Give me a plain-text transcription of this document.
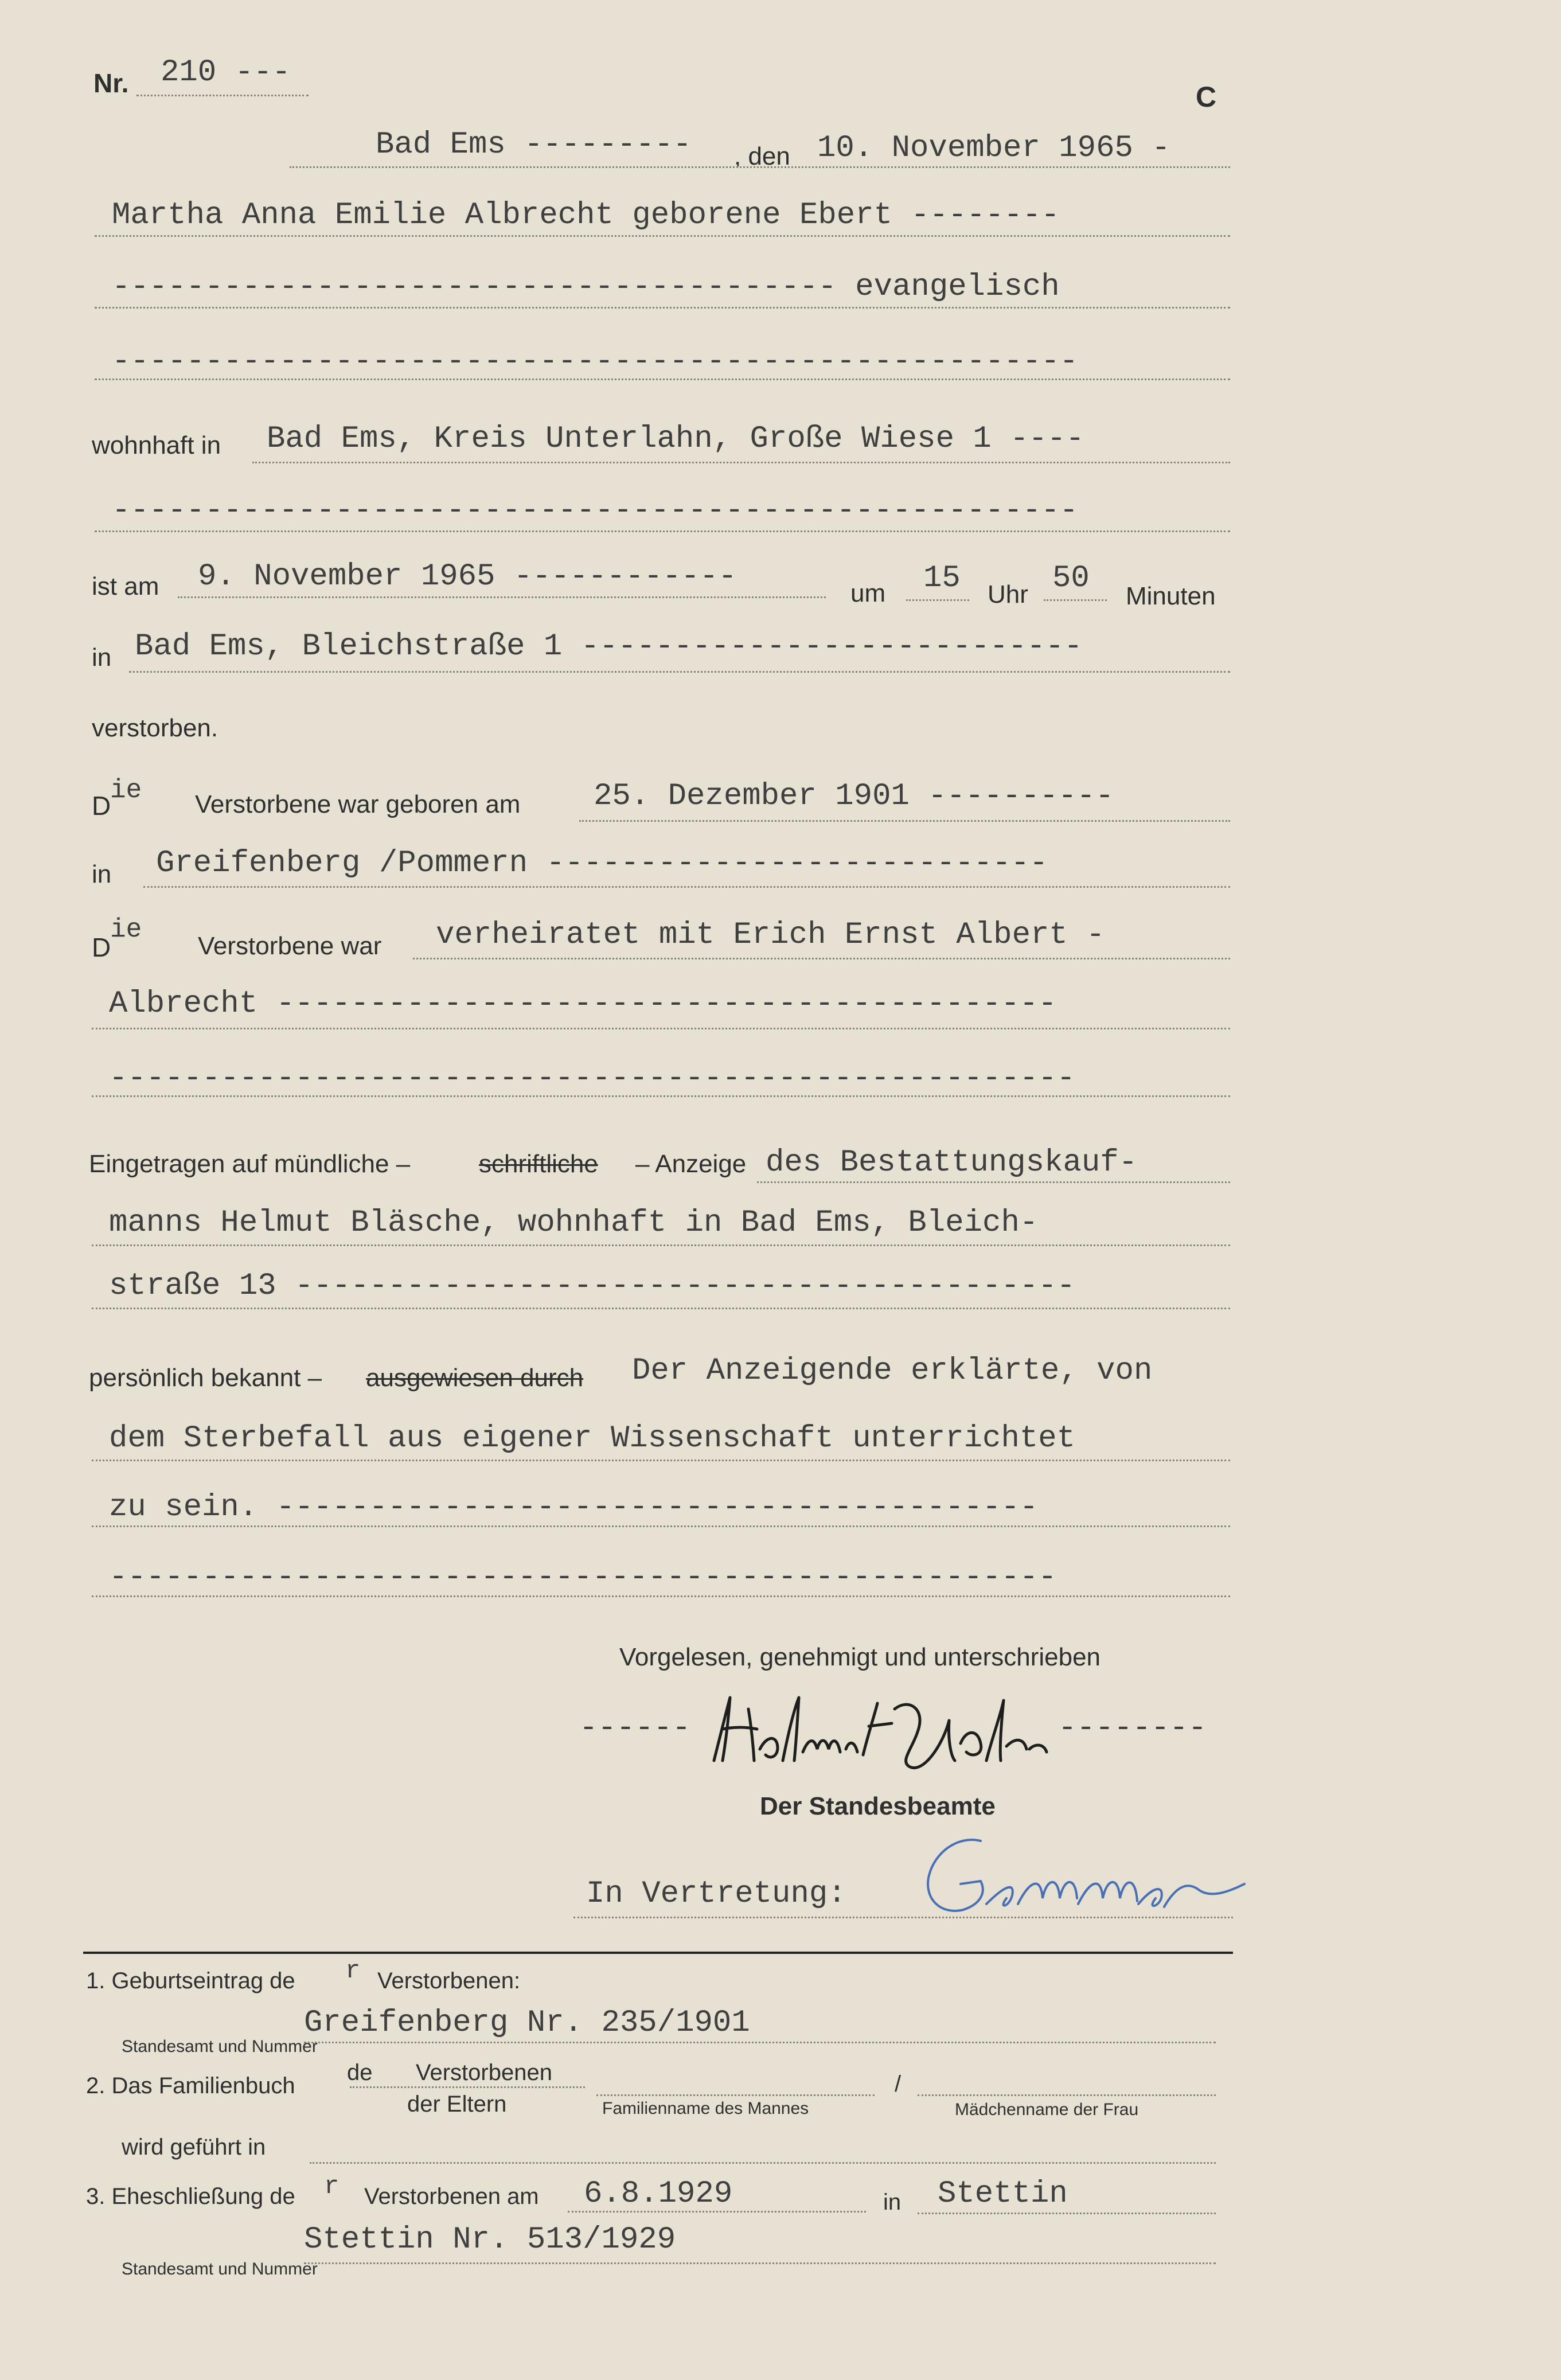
Nr. 210 ---
C
Bad Ems --------- , den 10. November 1965 -
Martha Anna Emilie Albrecht geborene Ebert --------
--------------------------------------- evangelisch
----------------------------------------------------
wohnhaft in Bad Ems, Kreis Unterlahn, Große Wiese 1 ----
----------------------------------------------------
ist am 9. November 1965 ------------	um 15 Uhr 50
Minuten
in Bad Ems, Bleichstraße 1 ---------------------------
verstorben.
D
ie Verstorbene war geboren am 25. Dezember 1901 ----------
in Greifenberg /Pommern ---------------------------
D
ie
Verstorbene war verheiratet mit Erich Ernst Albert -
Albrecht ------------------------------------------
----------------------------------------------------
Eingetragen auf mündliche –	schriftliche – Anzeige des Bestattungskauf-
manns Helmut Bläsche, wohnhaft in Bad Ems, Bleich-
straße 13 ------------------------------------------
persönlich bekannt – ausgewiesen durch Der Anzeigende erklärte, von
dem Sterbefall aus eigener Wissenschaft unterrichtet
zu sein. -----------------------------------------
---------------------------------------------------
Vorgelesen, genehmigt und unterschrieben
------	--------
Der Standesbeamte
In Vertretung:
1. Geburtseintrag de r Verstorbenen:
Greifenberg Nr. 235/1901
Standesamt und Nummer
2. Das Familienbuch
de Verstorbenen
der Eltern
/
Familienname des Mannes	Mädchenname der Frau
wird geführt in
3. Eheschließung de r Verstorbenen am 6.8.1929	in Stettin
Stettin Nr. 513/1929
Standesamt und Nummer
